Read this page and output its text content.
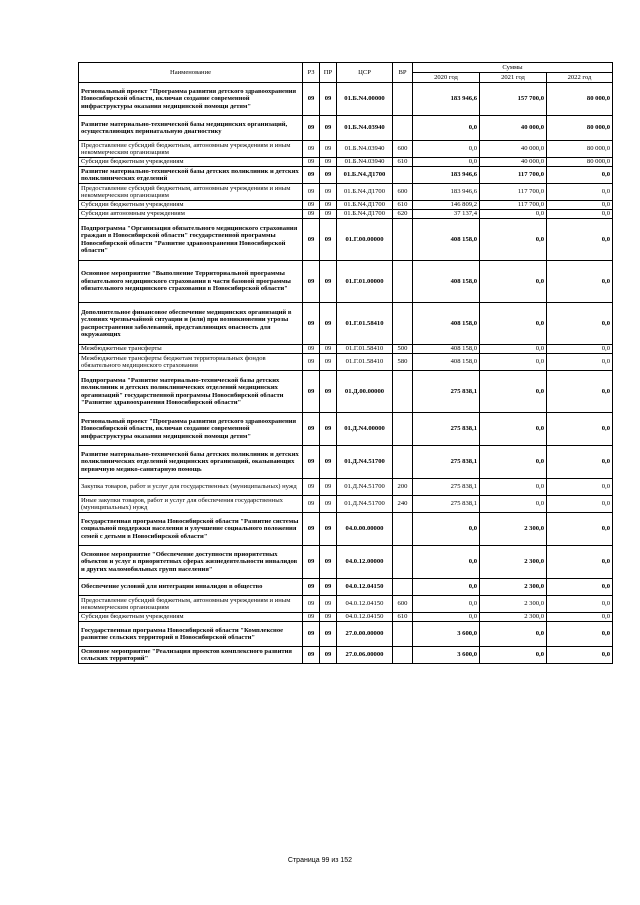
Наименование	РЗ	ПР	ЦСР	ВР	Суммы		
					2020 год	2021 год	2022 год
Региональный проект "Программа развития детского здравоохранения Новосибирской области, включая создание современной инфраструктуры оказания медицинской помощи детям"	09	09	01.Б.N4.00000		183 946,6	157 700,0	80 000,0
Развитие материально-технической базы медицинских организаций, осуществляющих перинатальную диагностику	09	09	01.Б.N4.03940		0,0	40 000,0	80 000,0
Предоставление субсидий бюджетным, автономным учреждениям и иным некоммерческим организациям	09	09	01.Б.N4.03940	600	0,0	40 000,0	80 000,0
Субсидии бюджетным учреждениям	09	09	01.Б.N4.03940	610	0,0	40 000,0	80 000,0
Развитие материально-технической базы детских поликлиник и детских поликлинических отделений	09	09	01.Б.N4.Д1700		183 946,6	117 700,0	0,0
Предоставление субсидий бюджетным, автономным учреждениям и иным некоммерческим организациям	09	09	01.Б.N4.Д1700	600	183 946,6	117 700,0	0,0
Субсидии бюджетным учреждениям	09	09	01.Б.N4.Д1700	610	146 809,2	117 700,0	0,0
Субсидии автономным учреждениям	09	09	01.Б.N4.Д1700	620	37 137,4	0,0	0,0
Подпрограмма "Организация обязательного медицинского страхования граждан в Новосибирской области" государственной программы Новосибирской области "Развитие здравоохранения Новосибирской области"	09	09	01.Г.00.00000		408 158,0	0,0	0,0
Основное мероприятие "Выполнение Территориальной программы обязательного медицинского страхования в части базовой программы обязательного медицинского страхования в Новосибирской области"	09	09	01.Г.01.00000		408 158,0	0,0	0,0
Дополнительное финансовое обеспечение медицинских организаций в условиях чрезвычайной ситуации и (или) при возникновении угрозы распространения заболеваний, представляющих опасность для окружающих	09	09	01.Г.01.58410		408 158,0	0,0	0,0
Межбюджетные трансферты	09	09	01.Г.01.58410	500	408 158,0	0,0	0,0
Межбюджетные трансферты бюджетам территориальных фондов обязательного медицинского страхования	09	09	01.Г.01.58410	580	408 158,0	0,0	0,0
Подпрограмма "Развитие материально-технической базы детских поликлиник и детских поликлинических отделений медицинских организаций" государственной программы Новосибирской области "Развитие здравоохранения Новосибирской области"	09	09	01.Д.00.00000		275 838,1	0,0	0,0
Региональный проект "Программа развития детского здравоохранения Новосибирской области, включая создание современной инфраструктуры оказания медицинской помощи детям"	09	09	01.Д.N4.00000		275 838,1	0,0	0,0
Развитие материально-технической базы детских поликлиник и детских поликлинических отделений медицинских организаций, оказывающих первичную медико-санитарную помощь	09	09	01.Д.N4.51700		275 838,1	0,0	0,0
Закупка товаров, работ и услуг для государственных (муниципальных) нужд	09	09	01.Д.N4.51700	200	275 838,1	0,0	0,0
Иные закупки товаров, работ и услуг для обеспечения государственных (муниципальных) нужд	09	09	01.Д.N4.51700	240	275 838,1	0,0	0,0
Государственная программа Новосибирской области "Развитие системы социальной поддержки населения и улучшение социального положения семей с детьми в Новосибирской области"	09	09	04.0.00.00000		0,0	2 300,0	0,0
Основное мероприятие "Обеспечение доступности приоритетных объектов и услуг в приоритетных сферах жизнедеятельности инвалидов и других маломобильных групп населения"	09	09	04.0.12.00000		0,0	2 300,0	0,0
Обеспечение условий для интеграции инвалидов в общество	09	09	04.0.12.04150		0,0	2 300,0	0,0
Предоставление субсидий бюджетным, автономным учреждениям и иным некоммерческим организациям	09	09	04.0.12.04150	600	0,0	2 300,0	0,0
Субсидии бюджетным учреждениям	09	09	04.0.12.04150	610	0,0	2 300,0	0,0
Государственная программа Новосибирской области "Комплексное развитие сельских территорий в Новосибирской области"	09	09	27.0.00.00000		3 600,0	0,0	0,0
Основное мероприятие "Реализация проектов комплексного развития сельских территорий"	09	09	27.0.06.00000		3 600,0	0,0	0,0
Страница 99 из 152
